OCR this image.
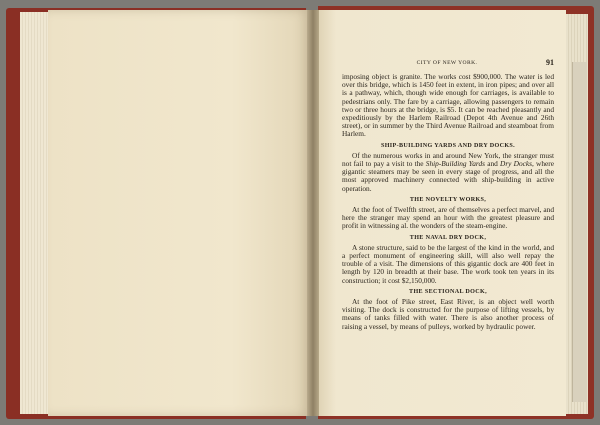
CITY OF NEW YORK.	91

imposing object is granite. The works cost $900,000. The water is led over this bridge, which is 1450 feet in extent, in iron pipes; and over all is a pathway, which, though wide enough for carriages, is available to pedestrians only. The fare by a carriage, allowing passengers to remain two or three hours at the bridge, is $5. It can be reached pleasantly and expeditiously by the Harlem Railroad (Depot 4th Avenue and 26th street), or in summer by the Third Avenue Railroad and steamboat from Harlem.

SHIP-BUILDING YARDS AND DRY DOCKS.

Of the numerous works in and around New York, the stranger must not fail to pay a visit to the Ship-Building Yards and Dry Docks, where gigantic steamers may be seen in every stage of progress, and all the most approved machinery connected with ship-building in active operation.

THE NOVELTY WORKS,

At the foot of Twelfth street, are of themselves a perfect marvel, and here the stranger may spend an hour with the greatest pleasure and profit in witnessing al. the wonders of the steam-engine.

THE NAVAL DRY DOCK,

A stone structure, said to be the largest of the kind in the world, and a perfect monument of engineering skill, will also well repay the trouble of a visit. The dimensions of this gigantic dock are 400 feet in length by 120 in breadth at their base. The work took ten years in its construction; it cost $2,150,000.

THE SECTIONAL DOCK,

At the foot of Pike street, East River, is an object well worth visiting. The dock is constructed for the purpose of lifting vessels, by means of tanks filled with water. There is also another process of raising a vessel, by means of pulleys, worked by hydraulic power.
